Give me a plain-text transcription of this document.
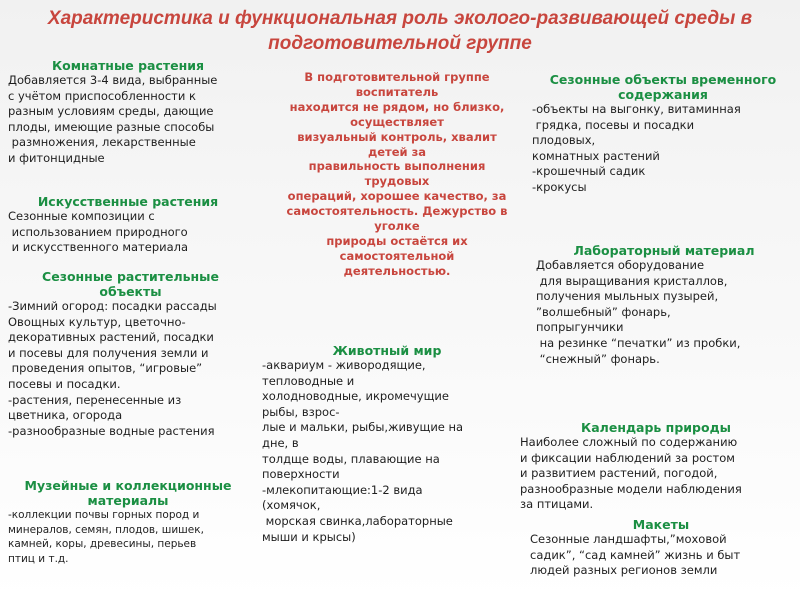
Характеристика и функциональная роль эколого-развивающей среды в
подготовительной группе

Комнатные растения

Добавляется 3-4 вида, выбранные
с учётом приспособленности к
разным условиям среды, дающие
плоды, имеющие разные способы
размножения, лекарственные
и фитонцидные

Искусственные растения

Сезонные композиции с
использованием природного
и искусственного материала

Сезонные растительные
объекты

-Зимний огород: посадки рассады
Овощных культур, цветочно-
декоративных растений, посадки
и посевы для получения земли и
проведения опытов, “игровые”
посевы и посадки.
-растения, перенесенные из
цветника, огорода
-разнообразные водные растения

Музейные и коллекционные
материалы

-коллекции почвы горных пород и
минералов, семян, плодов, шишек,
камней, коры, древесины, перьев
птиц и т.д.

В подготовительной группе
воспитатель
находится не рядом, но близко,
осуществляет
визуальный контроль, хвалит
детей за
правильность выполнения
трудовых
операций, хорошее качество, за
самостоятельность. Дежурство в
уголке
природы остаётся их
самостоятельной
деятельностью.

Животный мир

-аквариум - живородящие,
тепловодные и
холодноводные, икромечущие
рыбы, взрос-
лые и мальки, рыбы,живущие на
дне, в
толдще воды, плавающие на
поверхности
-млекопитающие:1-2 вида
(хомячок,
морская свинка,лабораторные
мыши и крысы)

Сезонные объекты временного
содержания

-объекты на выгонку, витаминная
грядка, посевы и посадки
плодовых,
комнатных растений
-крошечный садик
-крокусы

Лабораторный материал

Добавляется оборудование
для выращивания кристаллов,
получения мыльных пузырей,
”волшебный” фонарь,
попрыгунчики
на резинке “печатки” из пробки,
“снежный” фонарь.

Календарь природы

Наиболее сложный по содержанию
и фиксации наблюдений за ростом
и развитием растений, погодой,
разнообразные модели наблюдения
за птицами.

Макеты

Сезонные ландшафты,”моховой
садик”, “сад камней” жизнь и быт
людей разных регионов земли
